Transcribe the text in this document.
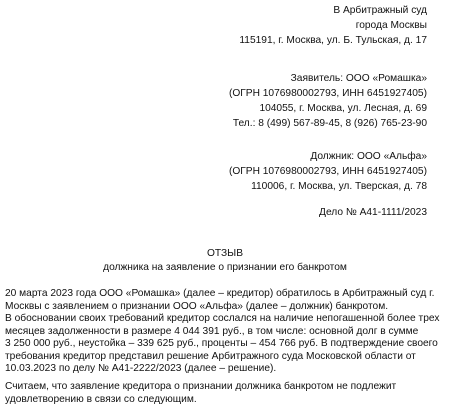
В Арбитражный суд
города Москвы
115191, г. Москва, ул. Б. Тульская, д. 17
Заявитель: ООО «Ромашка»
(ОГРН 1076980002793, ИНН 6451927405)
104055, г. Москва, ул. Лесная, д. 69
Тел.: 8 (499) 567-89-45, 8 (926) 765-23-90
Должник: ООО «Альфа»
(ОГРН 1076980002793, ИНН 6451927405)
110006, г. Москва, ул. Тверская, д. 78
Дело № А41-1111/2023
ОТЗЫВ
должника на заявление о признании его банкротом
20 марта 2023 года ООО «Ромашка» (далее – кредитор) обратилось в Арбитражный суд г.
Москвы с заявлением о признании ООО «Альфа» (далее – должник) банкротом.
В обосновании своих требований кредитор сослался на наличие непогашенной более трех
месяцев задолженности в размере 4 044 391 руб., в том числе: основной долг в сумме
3 250 000 руб., неустойка – 339 625 руб., проценты – 454 766 руб. В подтверждение своего
требования кредитор представил решение Арбитражного суда Московской области от
10.03.2023 по делу № А41-2222/2023 (далее – решение).
Считаем, что заявление кредитора о признании должника банкротом не подлежит
удовлетворению в связи со следующим.
